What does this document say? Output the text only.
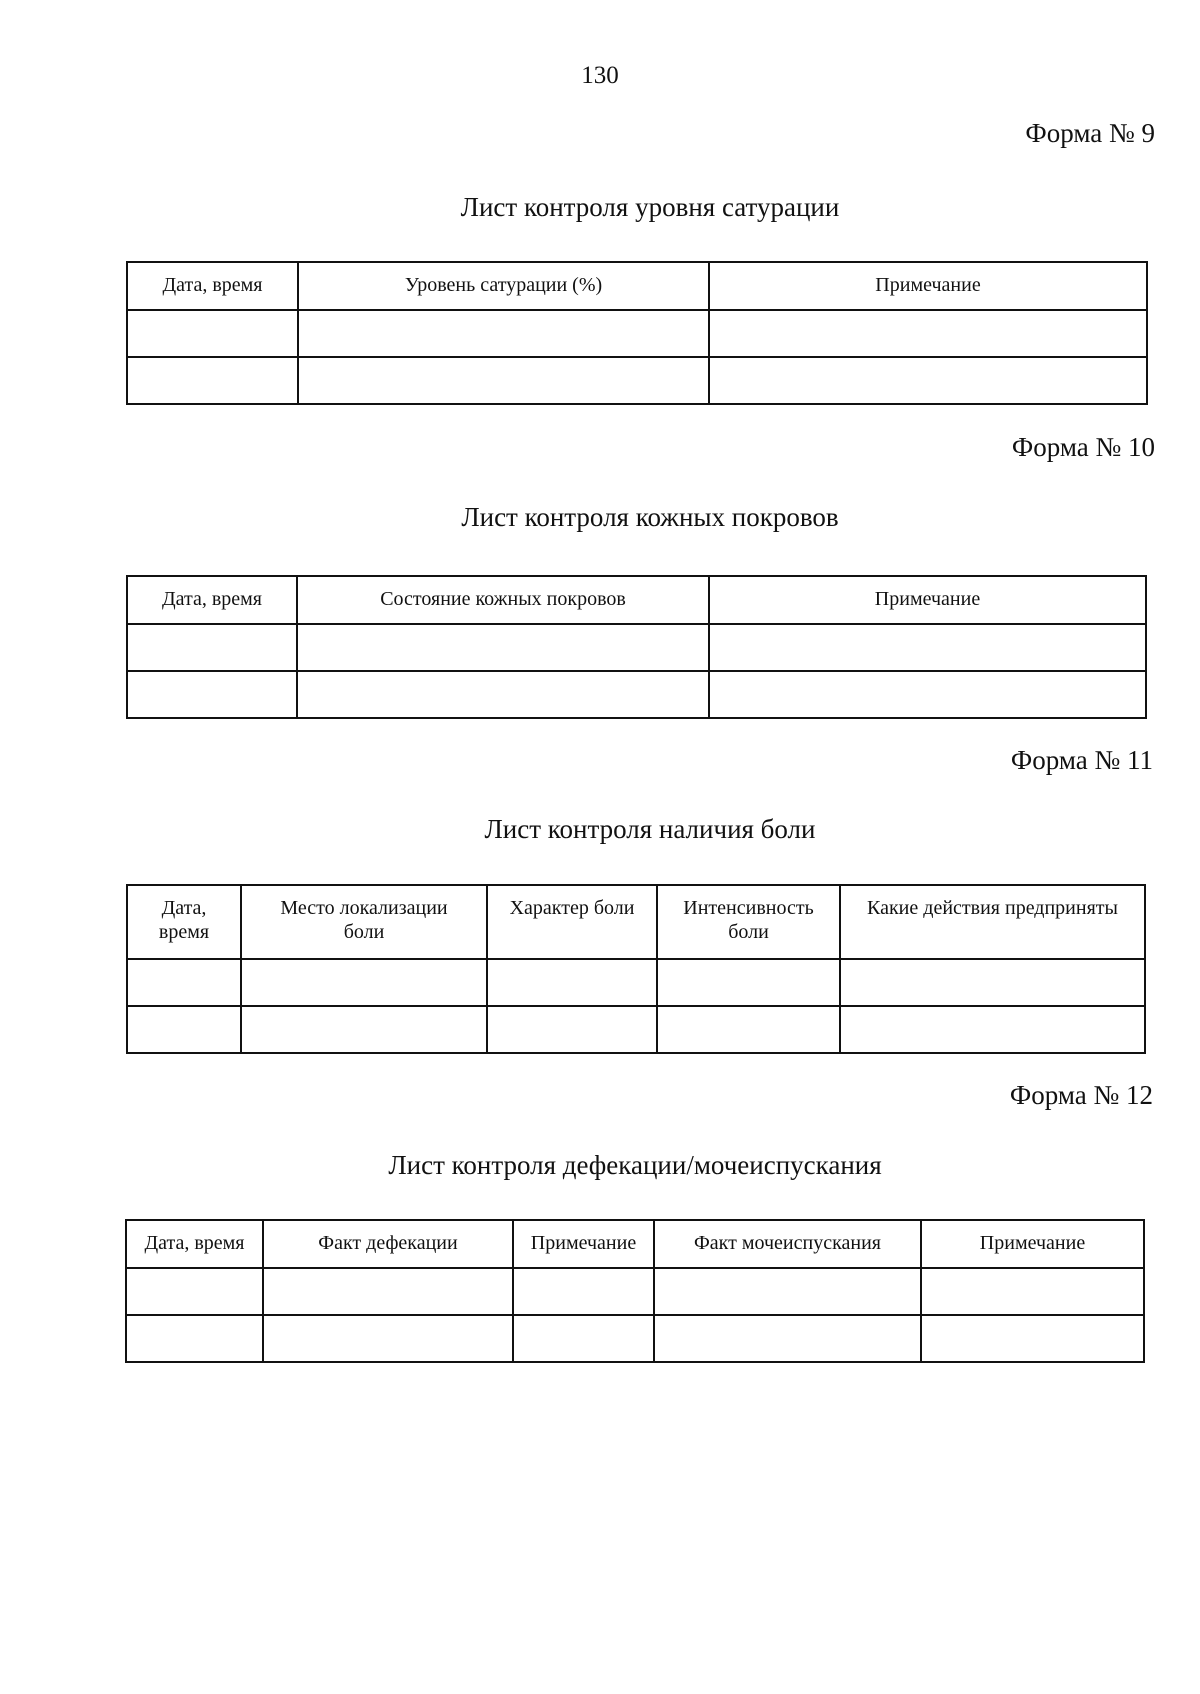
130
Форма № 9
Лист контроля уровня сатурации
Дата, время	Уровень сатурации (%)	Примечание

Форма № 10
Лист контроля кожных покровов
Дата, время	Состояние кожных покровов	Примечание

Форма № 11
Лист контроля наличия боли
Дата, время	Место локализации боли	Характер боли	Интенсивность боли	Какие действия предприняты

Форма № 12
Лист контроля дефекации/мочеиспускания
Дата, время	Факт дефекации	Примечание	Факт мочеиспускания	Примечание
